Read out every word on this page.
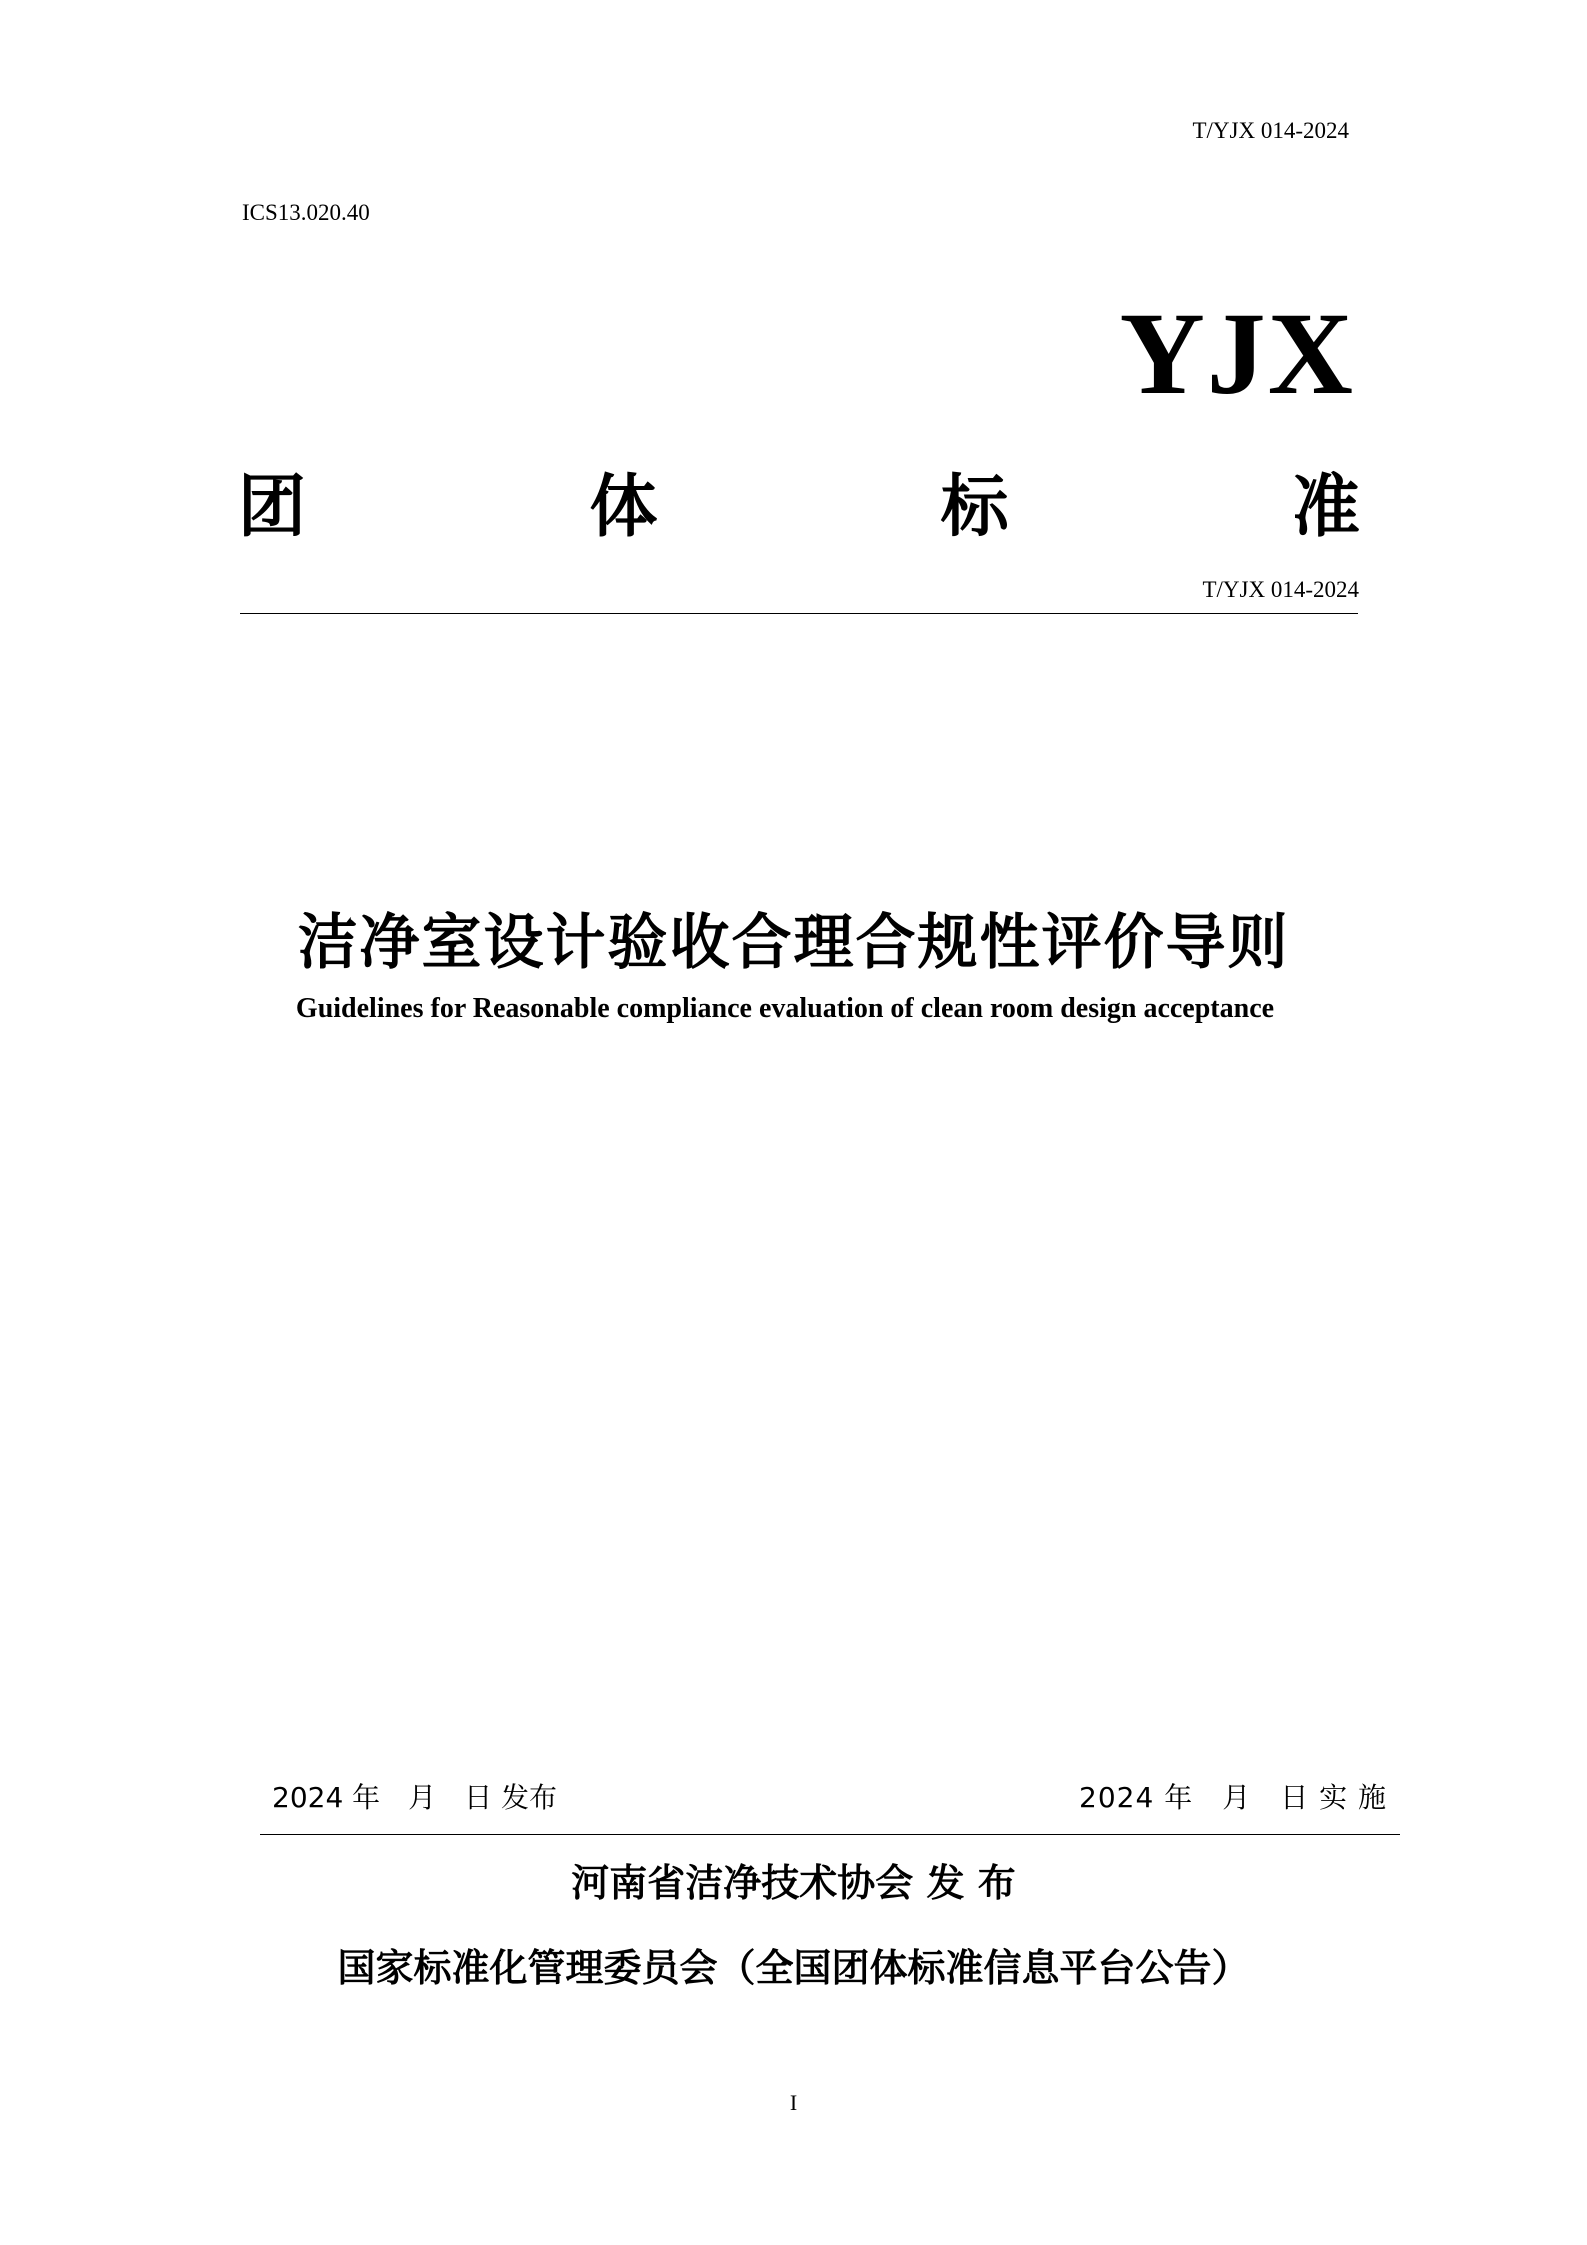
T/YJX 014-2024
ICS13.020.40
YJX
团	体	标	准
T/YJX 014-2024
洁净室设计验收合理合规性评价导则
Guidelines for Reasonable compliance evaluation of clean room design acceptance
2024 年　月　日 发布	2024 年　月　日 实 施
河南省洁净技术协会 发 布
国家标准化管理委员会（全国团体标准信息平台公告）
I
